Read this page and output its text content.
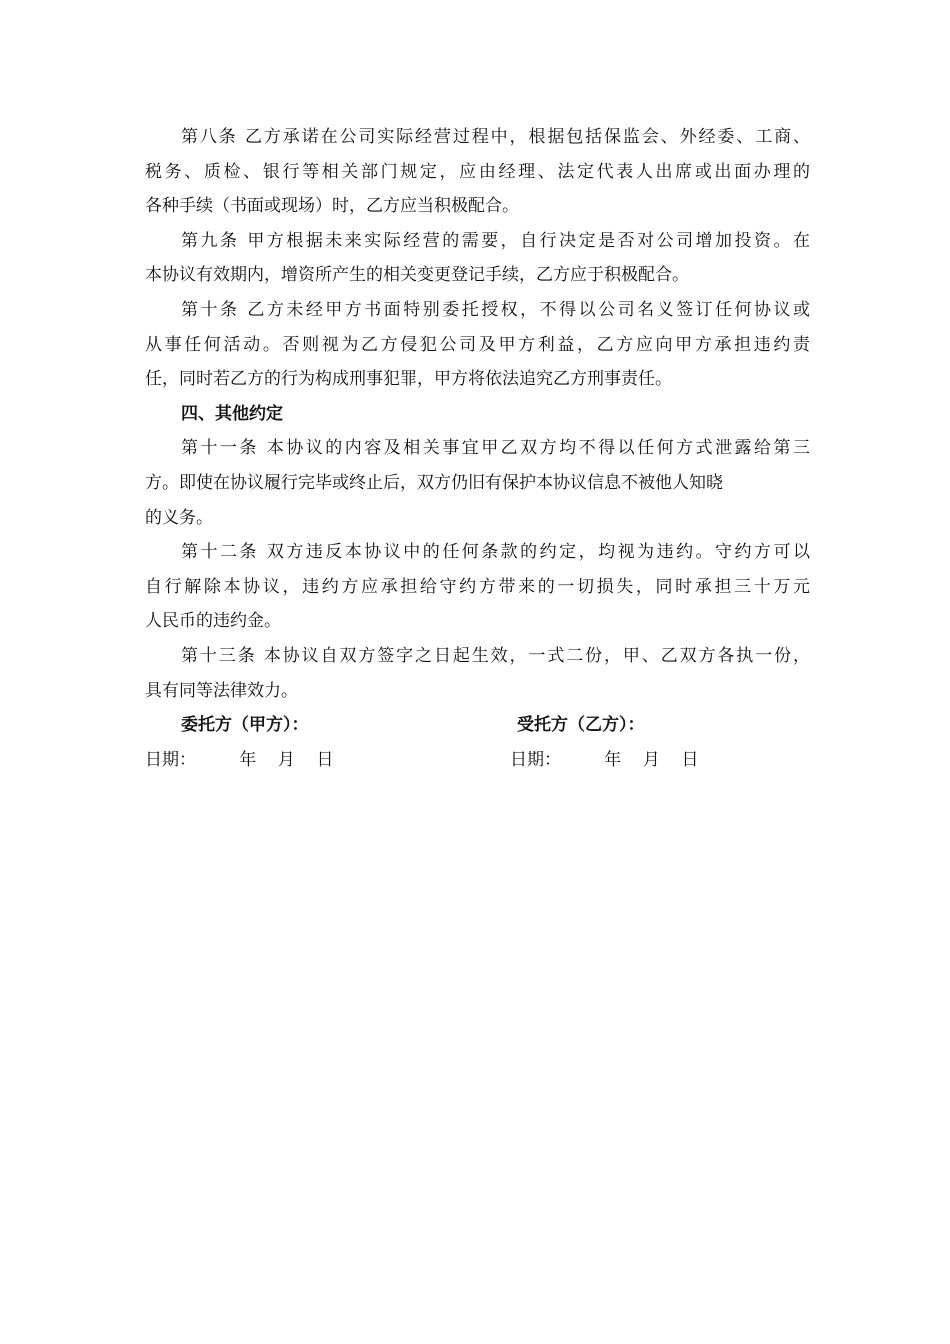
第八条 乙方承诺在公司实际经营过程中，根据包括保监会、外经委、工商、
税务、质检、银行等相关部门规定，应由经理、法定代表人出席或出面办理的
各种手续（书面或现场）时，乙方应当积极配合。
第九条 甲方根据未来实际经营的需要，自行决定是否对公司增加投资。在
本协议有效期内，增资所产生的相关变更登记手续，乙方应于积极配合。
第十条 乙方未经甲方书面特别委托授权，不得以公司名义签订任何协议或
从事任何活动。否则视为乙方侵犯公司及甲方利益，乙方应向甲方承担违约责
任，同时若乙方的行为构成刑事犯罪，甲方将依法追究乙方刑事责任。
四、其他约定
第十一条 本协议的内容及相关事宜甲乙双方均不得以任何方式泄露给第三
方。即使在协议履行完毕或终止后，双方仍旧有保护本协议信息不被他人知晓
的义务。
第十二条 双方违反本协议中的任何条款的约定，均视为违约。守约方可以
自行解除本协议，违约方应承担给守约方带来的一切损失，同时承担三十万元
人民币的违约金。
第十三条 本协议自双方签字之日起生效，一式二份，甲、乙双方各执一份，
具有同等法律效力。
委托方（甲方）：	受托方（乙方）：
日期：        年    月    日	日期：        年    月    日
